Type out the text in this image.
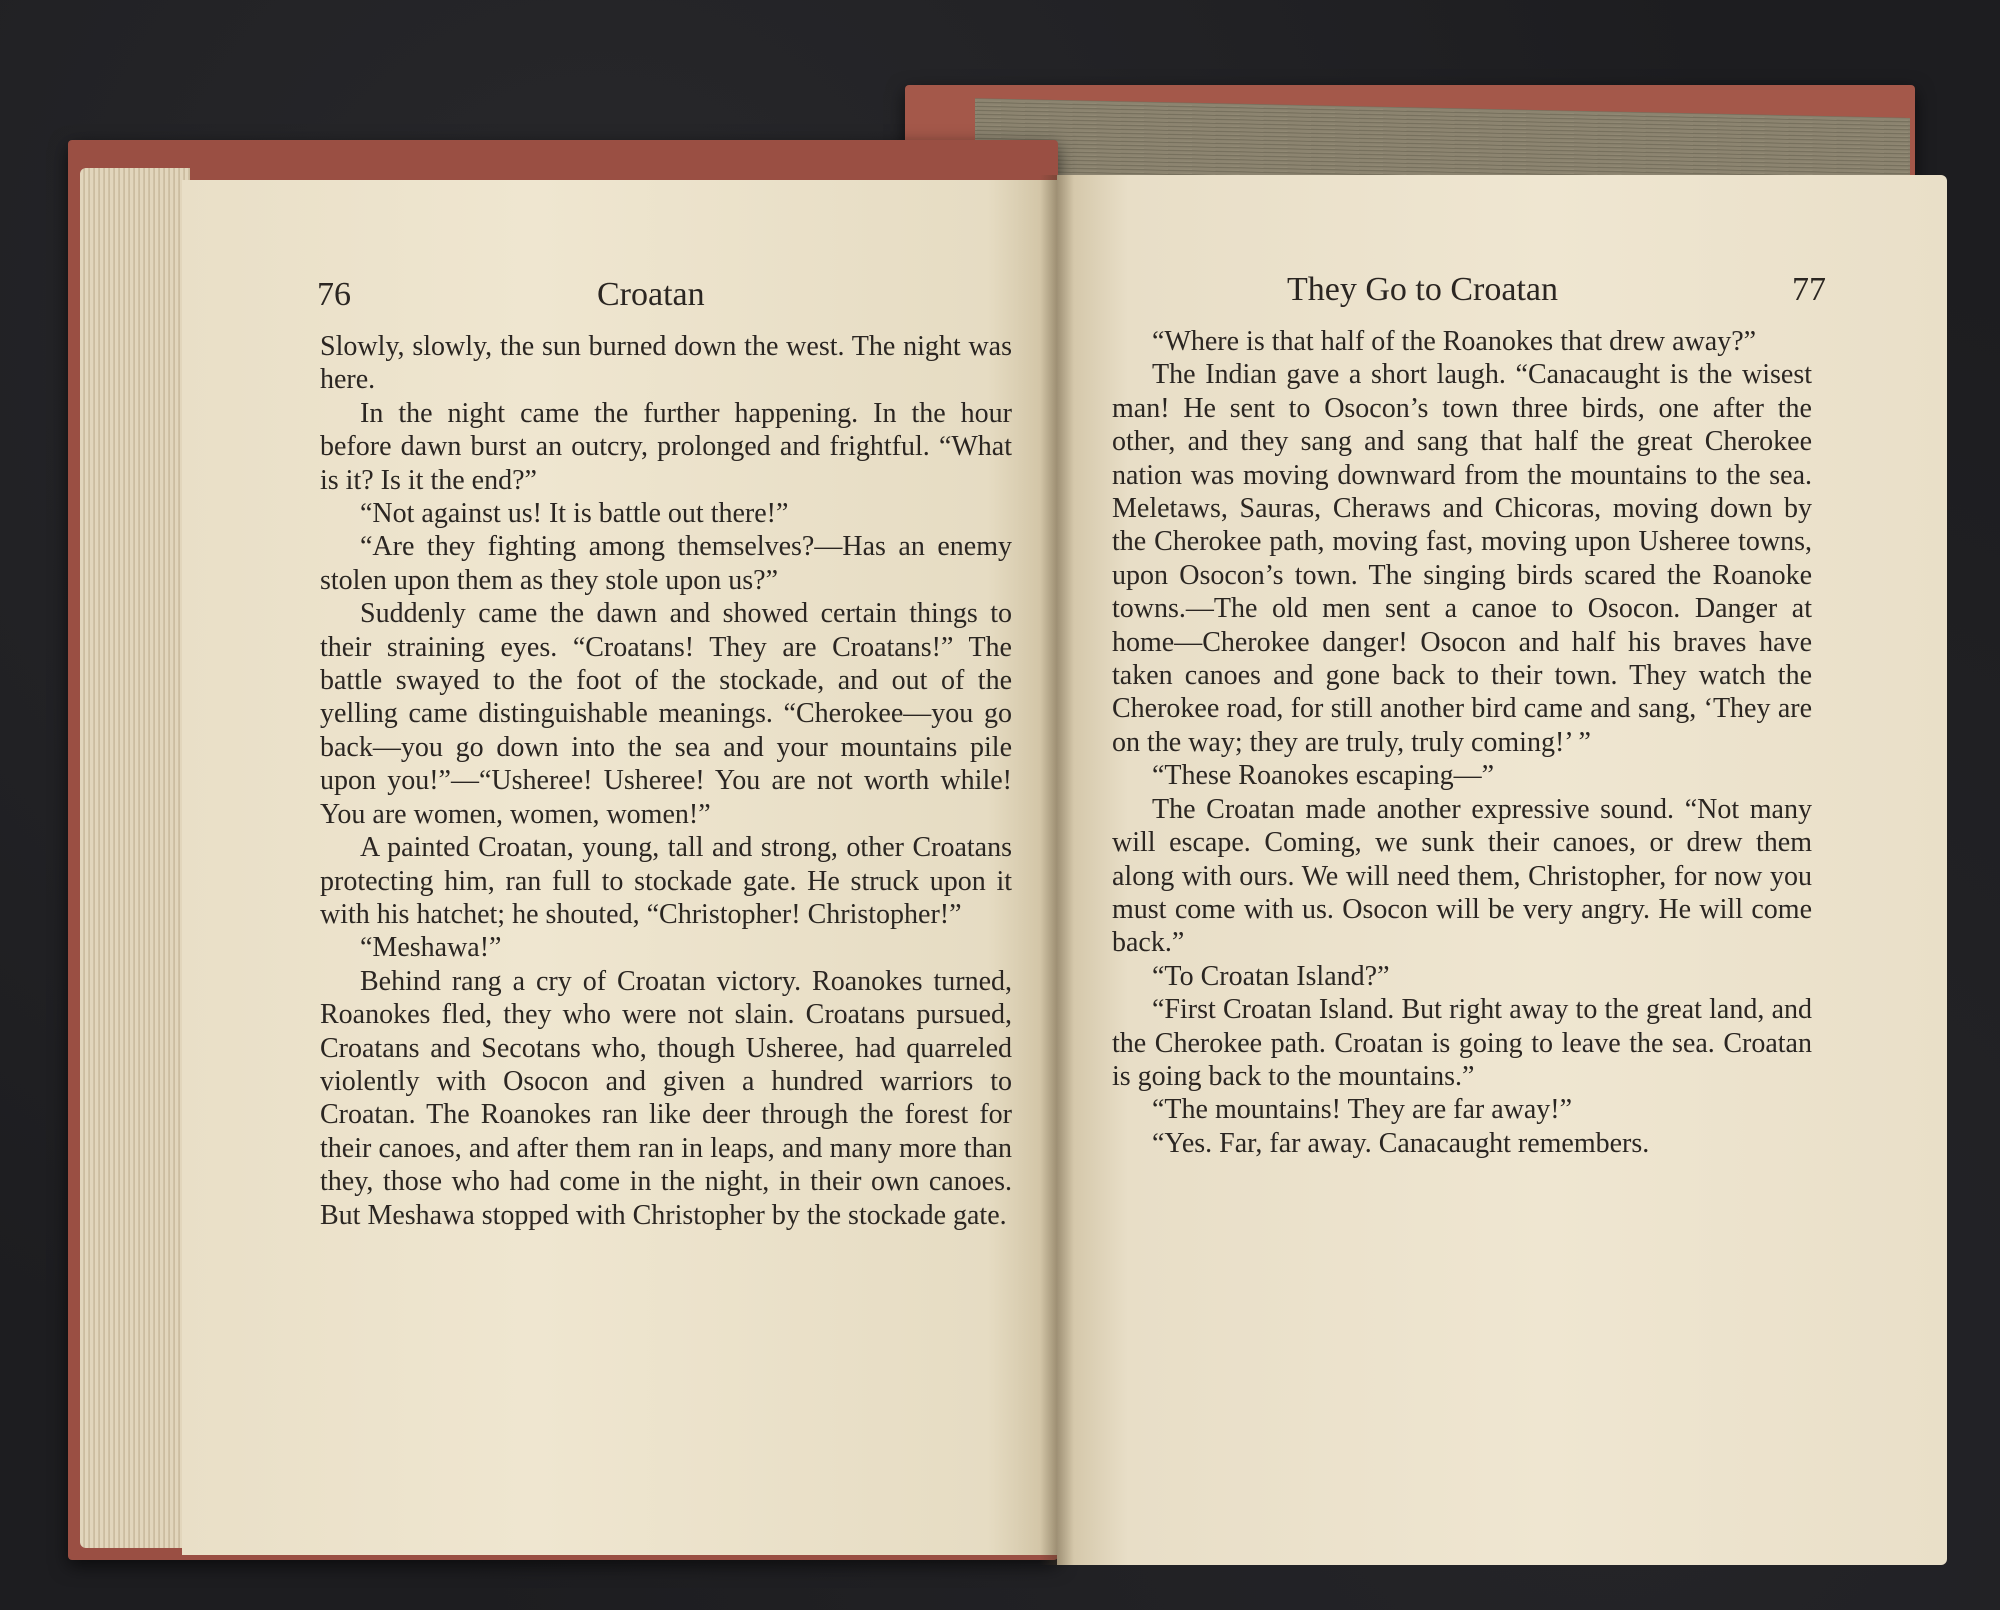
76	Croatan

Slowly, slowly, the sun burned down the west. The night was here.

In the night came the further happening. In the hour before dawn burst an outcry, prolonged and frightful. “What is it? Is it the end?”

“Not against us! It is battle out there!”

“Are they fighting among themselves?—Has an enemy stolen upon them as they stole upon us?”

Suddenly came the dawn and showed certain things to their straining eyes. “Croatans! They are Croatans!” The battle swayed to the foot of the stockade, and out of the yelling came distinguishable meanings. “Cherokee—you go back—you go down into the sea and your mountains pile upon you!”—“Usheree! Usheree! You are not worth while! You are women, women, women!”

A painted Croatan, young, tall and strong, other Croatans protecting him, ran full to stockade gate. He struck upon it with his hatchet; he shouted, “Christopher! Christopher!”

“Meshawa!”

Behind rang a cry of Croatan victory. Roanokes turned, Roanokes fled, they who were not slain. Croatans pursued, Croatans and Secotans who, though Usheree, had quarreled violently with Osocon and given a hundred warriors to Croatan. The Roanokes ran like deer through the forest for their canoes, and after them ran in leaps, and many more than they, those who had come in the night, in their own canoes. But Meshawa stopped with Christopher by the stockade gate.

They Go to Croatan	77

“Where is that half of the Roanokes that drew away?”

The Indian gave a short laugh. “Canacaught is the wisest man! He sent to Osocon’s town three birds, one after the other, and they sang and sang that half the great Cherokee nation was moving downward from the mountains to the sea. Meletaws, Sauras, Cheraws and Chicoras, moving down by the Cherokee path, moving fast, moving upon Usheree towns, upon Osocon’s town. The singing birds scared the Roanoke towns.—The old men sent a canoe to Osocon. Danger at home—Cherokee danger! Osocon and half his braves have taken canoes and gone back to their town. They watch the Cherokee road, for still another bird came and sang, ‘They are on the way; they are truly, truly coming!’ ”

“These Roanokes escaping—”

The Croatan made another expressive sound. “Not many will escape. Coming, we sunk their canoes, or drew them along with ours. We will need them, Christopher, for now you must come with us. Osocon will be very angry. He will come back.”

“To Croatan Island?”

“First Croatan Island. But right away to the great land, and the Cherokee path. Croatan is going to leave the sea. Croatan is going back to the mountains.”

“The mountains! They are far away!”

“Yes. Far, far away. Canacaught remembers.
